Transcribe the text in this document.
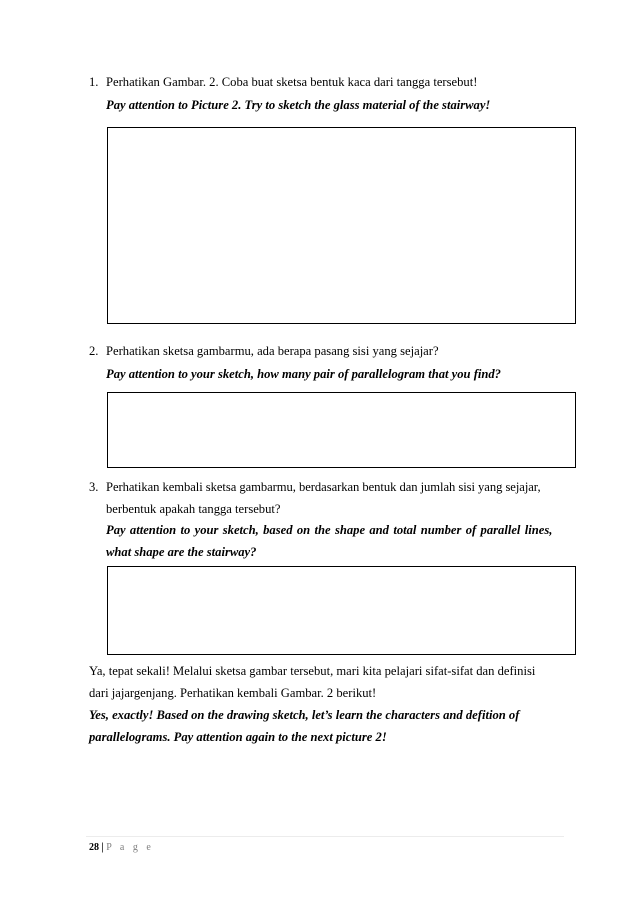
1. Perhatikan Gambar. 2. Coba buat sketsa bentuk kaca dari tangga tersebut!
Pay attention to Picture 2. Try to sketch the glass material of the stairway!
2. Perhatikan sketsa gambarmu, ada berapa pasang sisi yang sejajar?
Pay attention to your sketch, how many pair of parallelogram that you find?
3. Perhatikan kembali sketsa gambarmu, berdasarkan bentuk dan jumlah sisi yang sejajar,
berbentuk apakah tangga tersebut?
Pay attention to your sketch, based on the shape and total number of parallel lines,
what shape are the stairway?
Ya, tepat sekali! Melalui sketsa gambar tersebut, mari kita pelajari sifat-sifat dan definisi
dari jajargenjang. Perhatikan kembali Gambar. 2 berikut!
Yes, exactly! Based on the drawing sketch, let’s learn the characters and defition of
parallelograms. Pay attention again to the next picture 2!
28 | P a g e
